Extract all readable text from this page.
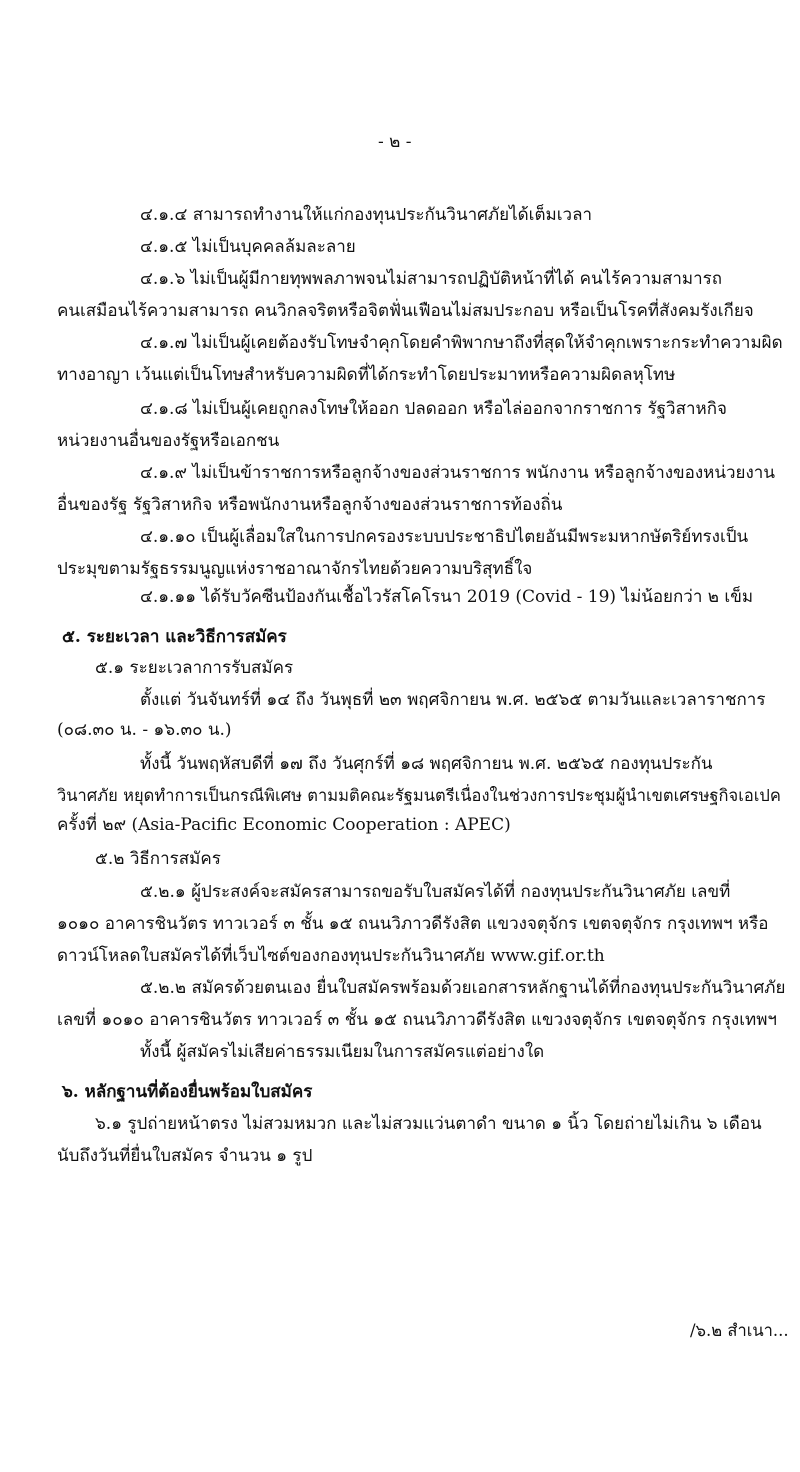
- ๒ -
๔.๑.๔ สามารถทำงานให้แก่กองทุนประกันวินาศภัยได้เต็มเวลา
๔.๑.๕ ไม่เป็นบุคคลล้มละลาย
๔.๑.๖ ไม่เป็นผู้มีกายทุพพลภาพจนไม่สามารถปฏิบัติหน้าที่ได้ คนไร้ความสามารถ
คนเสมือนไร้ความสามารถ คนวิกลจริตหรือจิตฟั่นเฟือนไม่สมประกอบ หรือเป็นโรคที่สังคมรังเกียจ
๔.๑.๗ ไม่เป็นผู้เคยต้องรับโทษจำคุกโดยคำพิพากษาถึงที่สุดให้จำคุกเพราะกระทำความผิด
ทางอาญา เว้นแต่เป็นโทษสำหรับความผิดที่ได้กระทำโดยประมาทหรือความผิดลหุโทษ
๔.๑.๘ ไม่เป็นผู้เคยถูกลงโทษให้ออก ปลดออก หรือไล่ออกจากราชการ รัฐวิสาหกิจ
หน่วยงานอื่นของรัฐหรือเอกชน
๔.๑.๙ ไม่เป็นข้าราชการหรือลูกจ้างของส่วนราชการ พนักงาน หรือลูกจ้างของหน่วยงาน
อื่นของรัฐ รัฐวิสาหกิจ หรือพนักงานหรือลูกจ้างของส่วนราชการท้องถิ่น
๔.๑.๑๐ เป็นผู้เลื่อมใสในการปกครองระบบประชาธิปไตยอันมีพระมหากษัตริย์ทรงเป็น
ประมุขตามรัฐธรรมนูญแห่งราชอาณาจักรไทยด้วยความบริสุทธิ์ใจ
๔.๑.๑๑ ได้รับวัคซีนป้องกันเชื้อไวรัสโคโรนา 2019 (Covid - 19) ไม่น้อยกว่า ๒ เข็ม
๕. ระยะเวลา และวิธีการสมัคร
๕.๑ ระยะเวลาการรับสมัคร
ตั้งแต่ วันจันทร์ที่ ๑๔ ถึง วันพุธที่ ๒๓ พฤศจิกายน พ.ศ. ๒๕๖๕ ตามวันและเวลาราชการ
(๐๘.๓๐ น. - ๑๖.๓๐ น.)
ทั้งนี้ วันพฤหัสบดีที่ ๑๗ ถึง วันศุกร์ที่ ๑๘ พฤศจิกายน พ.ศ. ๒๕๖๕ กองทุนประกัน
วินาศภัย หยุดทำการเป็นกรณีพิเศษ ตามมติคณะรัฐมนตรีเนื่องในช่วงการประชุมผู้นำเขตเศรษฐกิจเอเปค
ครั้งที่ ๒๙ (Asia-Pacific Economic Cooperation : APEC)
๕.๒ วิธีการสมัคร
๕.๒.๑ ผู้ประสงค์จะสมัครสามารถขอรับใบสมัครได้ที่ กองทุนประกันวินาศภัย เลขที่
๑๐๑๐ อาคารชินวัตร ทาวเวอร์ ๓ ชั้น ๑๕ ถนนวิภาวดีรังสิต แขวงจตุจักร เขตจตุจักร กรุงเทพฯ หรือ
ดาวน์โหลดใบสมัครได้ที่เว็บไซต์ของกองทุนประกันวินาศภัย www.gif.or.th
๕.๒.๒ สมัครด้วยตนเอง ยื่นใบสมัครพร้อมด้วยเอกสารหลักฐานได้ที่กองทุนประกันวินาศภัย
เลขที่ ๑๐๑๐ อาคารชินวัตร ทาวเวอร์ ๓ ชั้น ๑๕ ถนนวิภาวดีรังสิต แขวงจตุจักร เขตจตุจักร กรุงเทพฯ
ทั้งนี้ ผู้สมัครไม่เสียค่าธรรมเนียมในการสมัครแต่อย่างใด
๖. หลักฐานที่ต้องยื่นพร้อมใบสมัคร
๖.๑ รูปถ่ายหน้าตรง ไม่สวมหมวก และไม่สวมแว่นตาดำ ขนาด ๑ นิ้ว โดยถ่ายไม่เกิน ๖ เดือน
นับถึงวันที่ยื่นใบสมัคร จำนวน ๑ รูป
/๖.๒ สำเนา...
